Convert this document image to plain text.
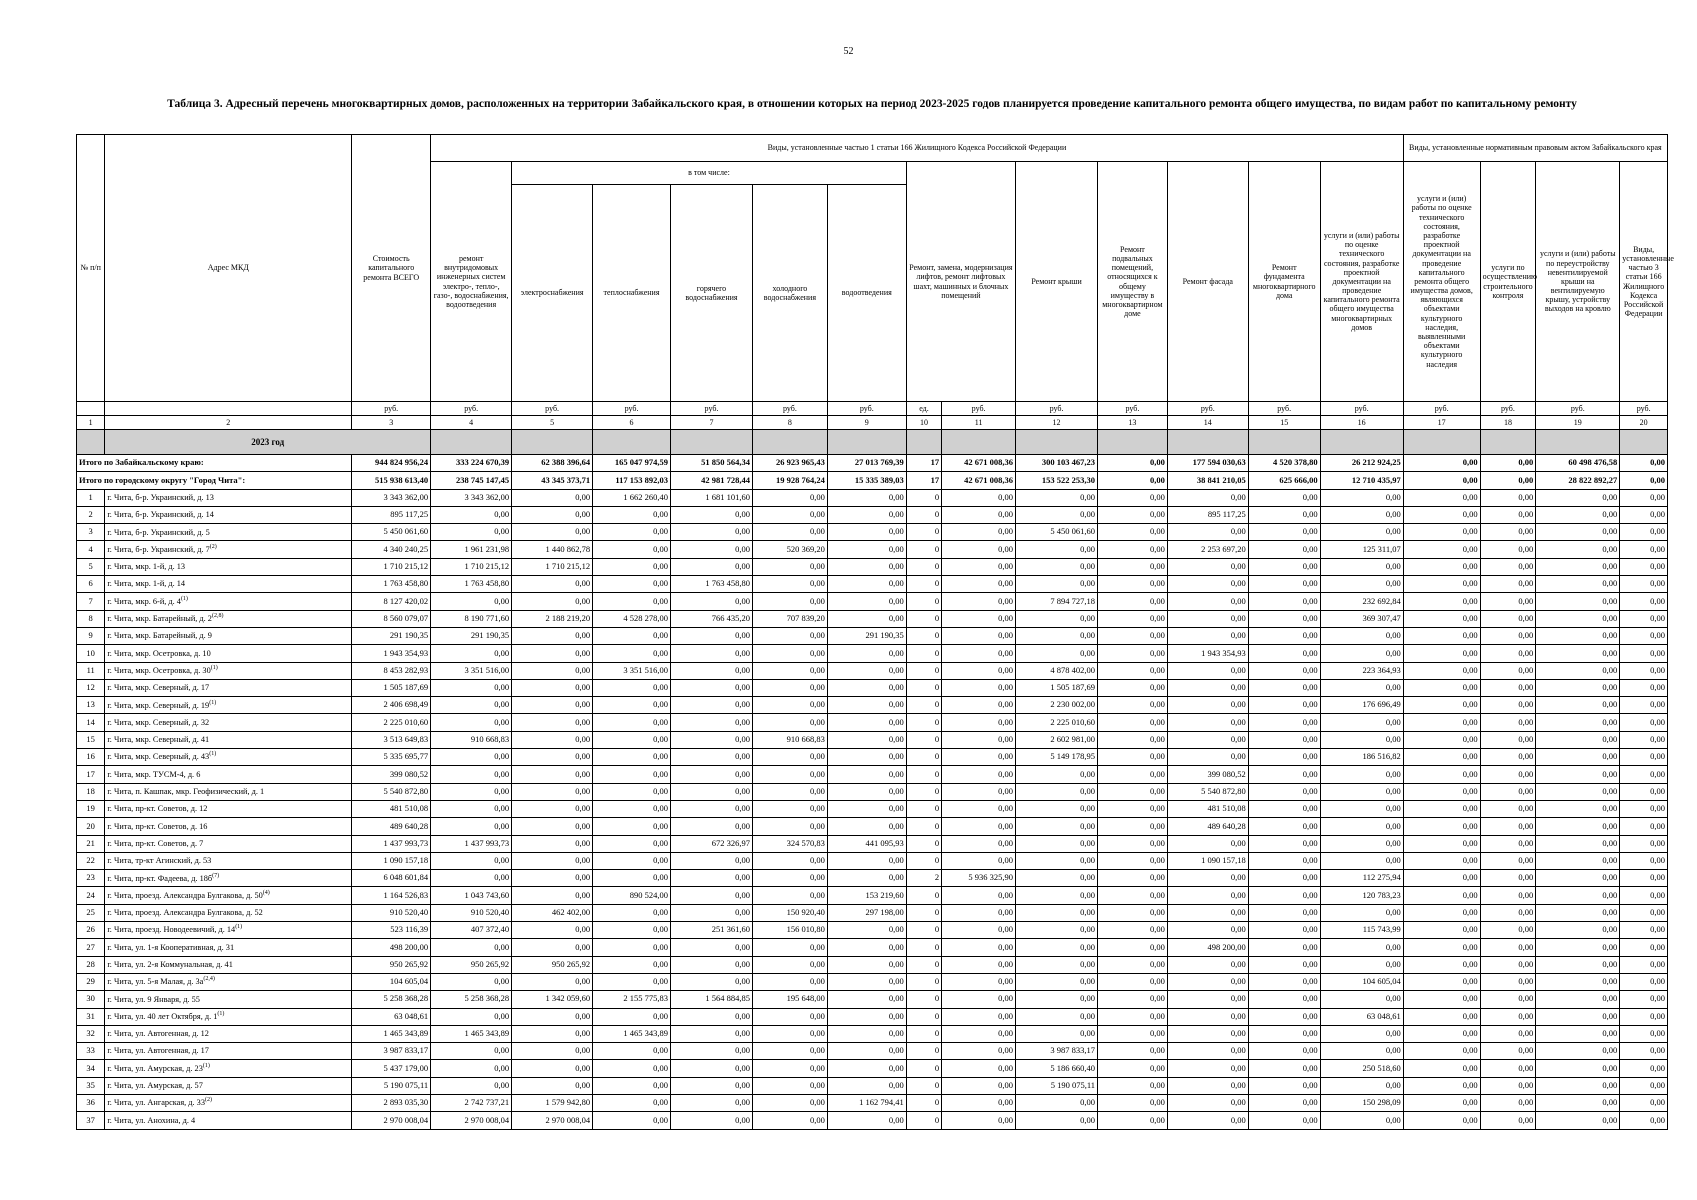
52
Таблица 3. Адресный перечень многоквартирных домов, расположенных на территории Забайкальского края, в отношении которых на период 2023-2025 годов планируется проведение капитального ремонта общего имущества, по видам работ по капитальному ремонту
№ п/п	Адрес МКД	Стоимость капитального ремонта ВСЕГО	Виды, установленные частью 1 статьи 166 Жилищного Кодекса Российской Федерации													Виды, установленные нормативным правовым актом Забайкальского края			
			ремонт внутридомовых инженерных систем электро-, тепло-, газо-, водоснабжения, водоотведения	в том числе:					Ремонт, замена, модернизация лифтов, ремонт лифтовых шахт, машинных и блочных помещений		Ремонт крыши	Ремонт подвальных помещений, относящихся к общему имуществу в многоквартирном доме	Ремонт фасада	Ремонт фундамента многоквартирного дома	услуги и (или) работы по оценке технического состояния, разработке проектной документации на проведение капитального ремонта общего имущества многоквартирных домов	услуги и (или) работы по оценке технического состояния, разработке проектной документации на проведение капитального ремонта общего имущества домов, являющихся объектами культурного наследия, выявленными объектами культурного наследия	услуги по осуществлению строительного контроля	услуги и (или) работы по переустройству невентилируемой крыши на вентилируемую крышу, устройству выходов на кровлю	Виды, установленные частью 3 статьи 166 Жилищного Кодекса Российской Федерации
				электроснабжения	теплоснабжения	горячего водоснабжения	холодного водоснабжения	водоотведения											
		руб.	руб.	руб.	руб.	руб.	руб.	руб.	ед.	руб.	руб.	руб.	руб.	руб.	руб.	руб.	руб.	руб.	руб.
1	2	3	4	5	6	7	8	9	10	11	12	13	14	15	16	17	18	19	20
	2023 год																		
Итого по Забайкальскому краю:		944 824 956,24	333 224 670,39	62 388 396,64	165 047 974,59	51 850 564,34	26 923 965,43	27 013 769,39	17	42 671 008,36	300 103 467,23	0,00	177 594 030,63	4 520 378,80	26 212 924,25	0,00	0,00	60 498 476,58	0,00
Итого по городскому округу "Город Чита":		515 938 613,40	238 745 147,45	43 345 373,71	117 153 892,03	42 981 728,44	19 928 764,24	15 335 389,03	17	42 671 008,36	153 522 253,30	0,00	38 841 210,05	625 666,00	12 710 435,97	0,00	0,00	28 822 892,27	0,00
1	г. Чита, б-р. Украинский, д. 13	3 343 362,00	3 343 362,00	0,00	1 662 260,40	1 681 101,60	0,00	0,00	0	0,00	0,00	0,00	0,00	0,00	0,00	0,00	0,00	0,00	0,00
2	г. Чита, б-р. Украинский, д. 14	895 117,25	0,00	0,00	0,00	0,00	0,00	0,00	0	0,00	0,00	0,00	895 117,25	0,00	0,00	0,00	0,00	0,00	0,00
3	г. Чита, б-р. Украинский, д. 5	5 450 061,60	0,00	0,00	0,00	0,00	0,00	0,00	0	0,00	5 450 061,60	0,00	0,00	0,00	0,00	0,00	0,00	0,00	0,00
4	г. Чита, б-р. Украинский, д. 7$^{(2)}$	4 340 240,25	1 961 231,98	1 440 862,78	0,00	0,00	520 369,20	0,00	0	0,00	0,00	0,00	2 253 697,20	0,00	125 311,07	0,00	0,00	0,00	0,00
5	г. Чита, мкр. 1-й, д. 13	1 710 215,12	1 710 215,12	1 710 215,12	0,00	0,00	0,00	0,00	0	0,00	0,00	0,00	0,00	0,00	0,00	0,00	0,00	0,00	0,00
6	г. Чита, мкр. 1-й, д. 14	1 763 458,80	1 763 458,80	0,00	0,00	1 763 458,80	0,00	0,00	0	0,00	0,00	0,00	0,00	0,00	0,00	0,00	0,00	0,00	0,00
7	г. Чита, мкр. 6-й, д. 4$^{(1)}$	8 127 420,02	0,00	0,00	0,00	0,00	0,00	0,00	0	0,00	7 894 727,18	0,00	0,00	0,00	232 692,84	0,00	0,00	0,00	0,00
8	г. Чита, мкр. Батарейный, д. 2$^{(2,8)}$	8 560 079,07	8 190 771,60	2 188 219,20	4 528 278,00	766 435,20	707 839,20	0,00	0	0,00	0,00	0,00	0,00	0,00	369 307,47	0,00	0,00	0,00	0,00
9	г. Чита, мкр. Батарейный, д. 9	291 190,35	291 190,35	0,00	0,00	0,00	0,00	291 190,35	0	0,00	0,00	0,00	0,00	0,00	0,00	0,00	0,00	0,00	0,00
10	г. Чита, мкр. Осетровка, д. 10	1 943 354,93	0,00	0,00	0,00	0,00	0,00	0,00	0	0,00	0,00	0,00	1 943 354,93	0,00	0,00	0,00	0,00	0,00	0,00
11	г. Чита, мкр. Осетровка, д. 30$^{(1)}$	8 453 282,93	3 351 516,00	0,00	3 351 516,00	0,00	0,00	0,00	0	0,00	4 878 402,00	0,00	0,00	0,00	223 364,93	0,00	0,00	0,00	0,00
12	г. Чита, мкр. Северный, д. 17	1 505 187,69	0,00	0,00	0,00	0,00	0,00	0,00	0	0,00	1 505 187,69	0,00	0,00	0,00	0,00	0,00	0,00	0,00	0,00
13	г. Чита, мкр. Северный, д. 19$^{(1)}$	2 406 698,49	0,00	0,00	0,00	0,00	0,00	0,00	0	0,00	2 230 002,00	0,00	0,00	0,00	176 696,49	0,00	0,00	0,00	0,00
14	г. Чита, мкр. Северный, д. 32	2 225 010,60	0,00	0,00	0,00	0,00	0,00	0,00	0	0,00	2 225 010,60	0,00	0,00	0,00	0,00	0,00	0,00	0,00	0,00
15	г. Чита, мкр. Северный, д. 41	3 513 649,83	910 668,83	0,00	0,00	0,00	910 668,83	0,00	0	0,00	2 602 981,00	0,00	0,00	0,00	0,00	0,00	0,00	0,00	0,00
16	г. Чита, мкр. Северный, д. 43$^{(1)}$	5 335 695,77	0,00	0,00	0,00	0,00	0,00	0,00	0	0,00	5 149 178,95	0,00	0,00	0,00	186 516,82	0,00	0,00	0,00	0,00
17	г. Чита, мкр. ТУСМ-4, д. 6	399 080,52	0,00	0,00	0,00	0,00	0,00	0,00	0	0,00	0,00	0,00	399 080,52	0,00	0,00	0,00	0,00	0,00	0,00
18	г. Чита, п. Кашпак, мкр. Геофизический, д. 1	5 540 872,80	0,00	0,00	0,00	0,00	0,00	0,00	0	0,00	0,00	0,00	5 540 872,80	0,00	0,00	0,00	0,00	0,00	0,00
19	г. Чита, пр-кт. Советов, д. 12	481 510,08	0,00	0,00	0,00	0,00	0,00	0,00	0	0,00	0,00	0,00	481 510,08	0,00	0,00	0,00	0,00	0,00	0,00
20	г. Чита, пр-кт. Советов, д. 16	489 640,28	0,00	0,00	0,00	0,00	0,00	0,00	0	0,00	0,00	0,00	489 640,28	0,00	0,00	0,00	0,00	0,00	0,00
21	г. Чита, пр-кт. Советов, д. 7	1 437 993,73	1 437 993,73	0,00	0,00	672 326,97	324 570,83	441 095,93	0	0,00	0,00	0,00	0,00	0,00	0,00	0,00	0,00	0,00	0,00
22	г. Чита, тр-кт Агинский, д. 53	1 090 157,18	0,00	0,00	0,00	0,00	0,00	0,00	0	0,00	0,00	0,00	1 090 157,18	0,00	0,00	0,00	0,00	0,00	0,00
23	г. Чита, пр-кт. Фадеева, д. $18б^{(7)}$	6 048 601,84	0,00	0,00	0,00	0,00	0,00	0,00	2	5 936 325,90	0,00	0,00	0,00	0,00	112 275,94	0,00	0,00	0,00	0,00
24	г. Чита, проезд. Александра Булгакова, д. 50$^{(4)}$	1 164 526,83	1 043 743,60	0,00	890 524,00	0,00	0,00	153 219,60	0	0,00	0,00	0,00	0,00	0,00	120 783,23	0,00	0,00	0,00	0,00
25	г. Чита, проезд. Александра Булгакова, д. 52	910 520,40	910 520,40	462 402,00	0,00	0,00	150 920,40	297 198,00	0	0,00	0,00	0,00	0,00	0,00	0,00	0,00	0,00	0,00	0,00
26	г. Чита, проезд. Новодеевичий, д. 14$^{(1)}$	523 116,39	407 372,40	0,00	0,00	251 361,60	156 010,80	0,00	0	0,00	0,00	0,00	0,00	0,00	115 743,99	0,00	0,00	0,00	0,00
27	г. Чита, ул. 1-я Кооперативная, д. 31	498 200,00	0,00	0,00	0,00	0,00	0,00	0,00	0	0,00	0,00	0,00	498 200,00	0,00	0,00	0,00	0,00	0,00	0,00
28	г. Чита, ул. 2-я Коммунальная, д. 41	950 265,92	950 265,92	950 265,92	0,00	0,00	0,00	0,00	0	0,00	0,00	0,00	0,00	0,00	0,00	0,00	0,00	0,00	0,00
29	г. Чита, ул. 5-я Малая, д. $3а^{(2,4)}$	104 605,04	0,00	0,00	0,00	0,00	0,00	0,00	0	0,00	0,00	0,00	0,00	0,00	104 605,04	0,00	0,00	0,00	0,00
30	г. Чита, ул. 9 Января, д. 55	5 258 368,28	5 258 368,28	1 342 059,60	2 155 775,83	1 564 884,85	195 648,00	0,00	0	0,00	0,00	0,00	0,00	0,00	0,00	0,00	0,00	0,00	0,00
31	г. Чита, ул. 40 лет Октября, д. 1$^{(1)}$	63 048,61	0,00	0,00	0,00	0,00	0,00	0,00	0	0,00	0,00	0,00	0,00	0,00	63 048,61	0,00	0,00	0,00	0,00
32	г. Чита, ул. Автогенная, д. 12	1 465 343,89	1 465 343,89	0,00	1 465 343,89	0,00	0,00	0,00	0	0,00	0,00	0,00	0,00	0,00	0,00	0,00	0,00	0,00	0,00
33	г. Чита, ул. Автогенная, д. 17	3 987 833,17	0,00	0,00	0,00	0,00	0,00	0,00	0	0,00	3 987 833,17	0,00	0,00	0,00	0,00	0,00	0,00	0,00	0,00
34	г. Чита, ул. Амурская, д. 23$^{(1)}$	5 437 179,00	0,00	0,00	0,00	0,00	0,00	0,00	0	0,00	5 186 660,40	0,00	0,00	0,00	250 518,60	0,00	0,00	0,00	0,00
35	г. Чита, ул. Амурская, д. 57	5 190 075,11	0,00	0,00	0,00	0,00	0,00	0,00	0	0,00	5 190 075,11	0,00	0,00	0,00	0,00	0,00	0,00	0,00	0,00
36	г. Чита, ул. Ангарская, д. 33$^{(2)}$	2 893 035,30	2 742 737,21	1 579 942,80	0,00	0,00	0,00	1 162 794,41	0	0,00	0,00	0,00	0,00	0,00	150 298,09	0,00	0,00	0,00	0,00
37	г. Чита, ул. Анохина, д. 4	2 970 008,04	2 970 008,04	2 970 008,04	0,00	0,00	0,00	0,00	0	0,00	0,00	0,00	0,00	0,00	0,00	0,00	0,00	0,00	0,00
